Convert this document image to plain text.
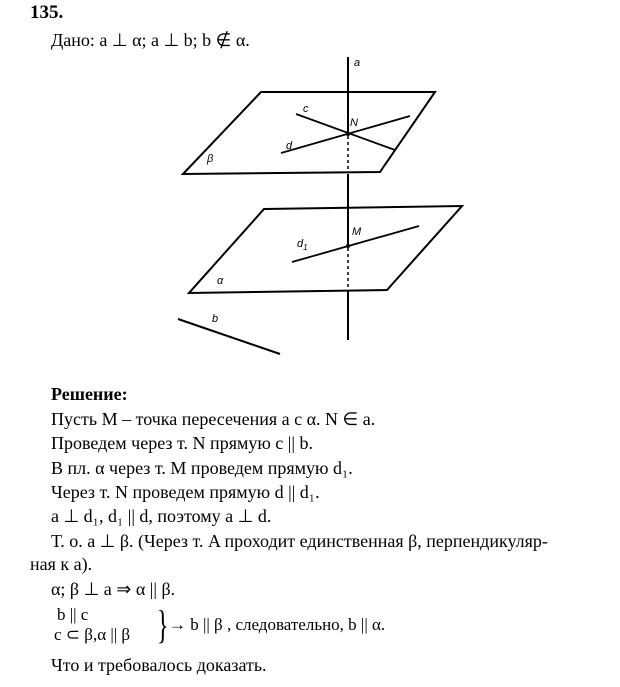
135.
Дано: a ⊥ α; a ⊥ b; b ∉ α.
a
c
N
d
β
$d_1$
M
α
b
Решение:
Пусть M – точка пересечения a с α. N ∈ a.
Проведем через т. N прямую c || b.
В пл. α через т. M проведем прямую d₁.
Через т. N проведем прямую d || d₁.
a ⊥ d₁, d₁ || d, поэтому a ⊥ d.
Т. о. a ⊥ β. (Через т. A проходит единственная β, перпендикуляр-
ная к a).
α; β ⊥ a ⇒ α || β.
b || c
c ⊂ β,α || β } → b || β , следовательно, b || α.
Что и требовалось доказать.
